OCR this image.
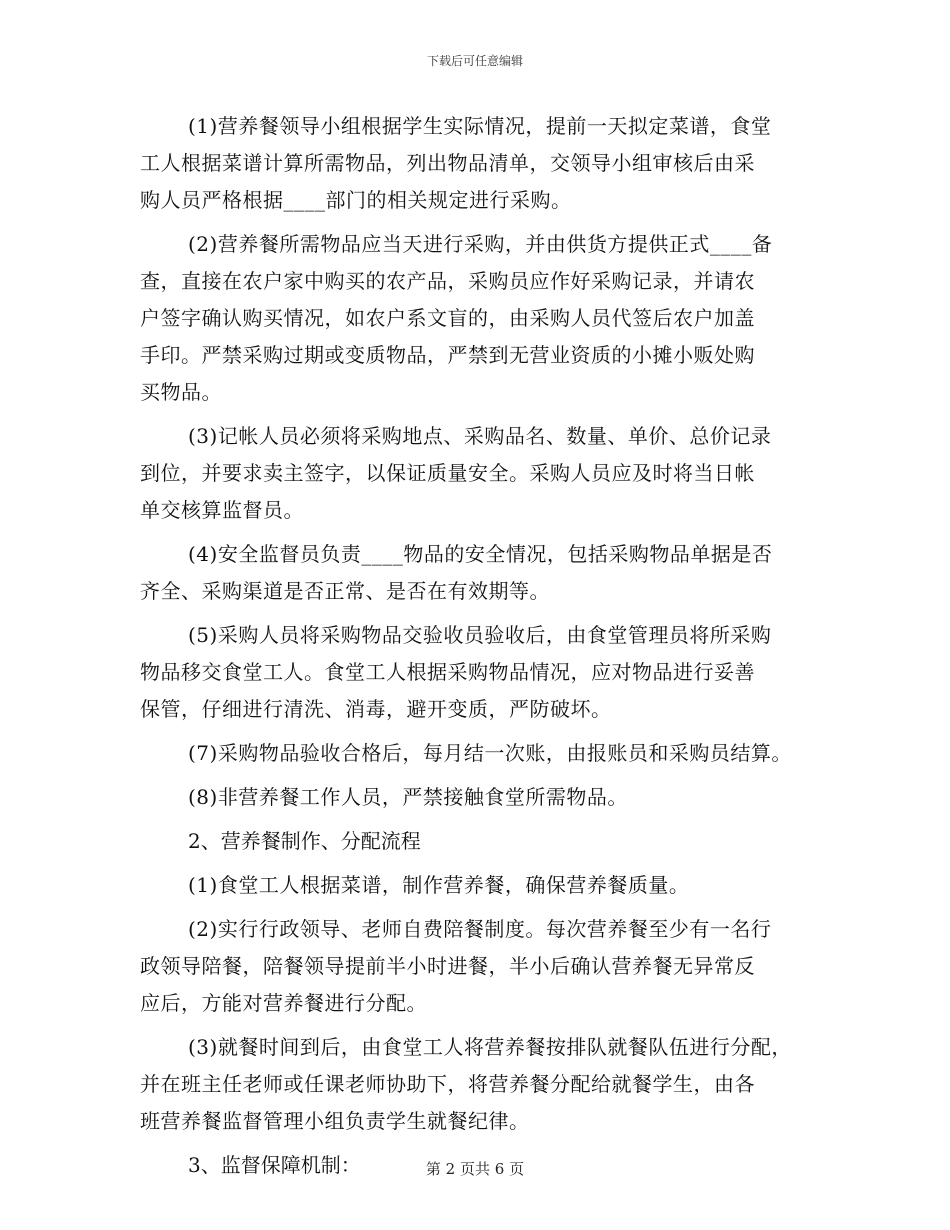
下载后可任意编辑
(1)营养餐领导小组根据学生实际情况，提前一天拟定菜谱，食堂
工人根据菜谱计算所需物品，列出物品清单，交领导小组审核后由采
购人员严格根据____部门的相关规定进行采购。
(2)营养餐所需物品应当天进行采购，并由供货方提供正式____备
查，直接在农户家中购买的农产品，采购员应作好采购记录，并请农
户签字确认购买情况，如农户系文盲的，由采购人员代签后农户加盖
手印。严禁采购过期或变质物品，严禁到无营业资质的小摊小贩处购
买物品。
(3)记帐人员必须将采购地点、采购品名、数量、单价、总价记录
到位，并要求卖主签字，以保证质量安全。采购人员应及时将当日帐
单交核算监督员。
(4)安全监督员负责____物品的安全情况，包括采购物品单据是否
齐全、采购渠道是否正常、是否在有效期等。
(5)采购人员将采购物品交验收员验收后，由食堂管理员将所采购
物品移交食堂工人。食堂工人根据采购物品情况，应对物品进行妥善
保管，仔细进行清洗、消毒，避开变质，严防破坏。
(7)采购物品验收合格后，每月结一次账，由报账员和采购员结算。
(8)非营养餐工作人员，严禁接触食堂所需物品。
2、营养餐制作、分配流程
(1)食堂工人根据菜谱，制作营养餐，确保营养餐质量。
(2)实行行政领导、老师自费陪餐制度。每次营养餐至少有一名行
政领导陪餐，陪餐领导提前半小时进餐，半小后确认营养餐无异常反
应后，方能对营养餐进行分配。
(3)就餐时间到后，由食堂工人将营养餐按排队就餐队伍进行分配，
并在班主任老师或任课老师协助下，将营养餐分配给就餐学生，由各
班营养餐监督管理小组负责学生就餐纪律。
3、监督保障机制：	第 2 页共 6 页
